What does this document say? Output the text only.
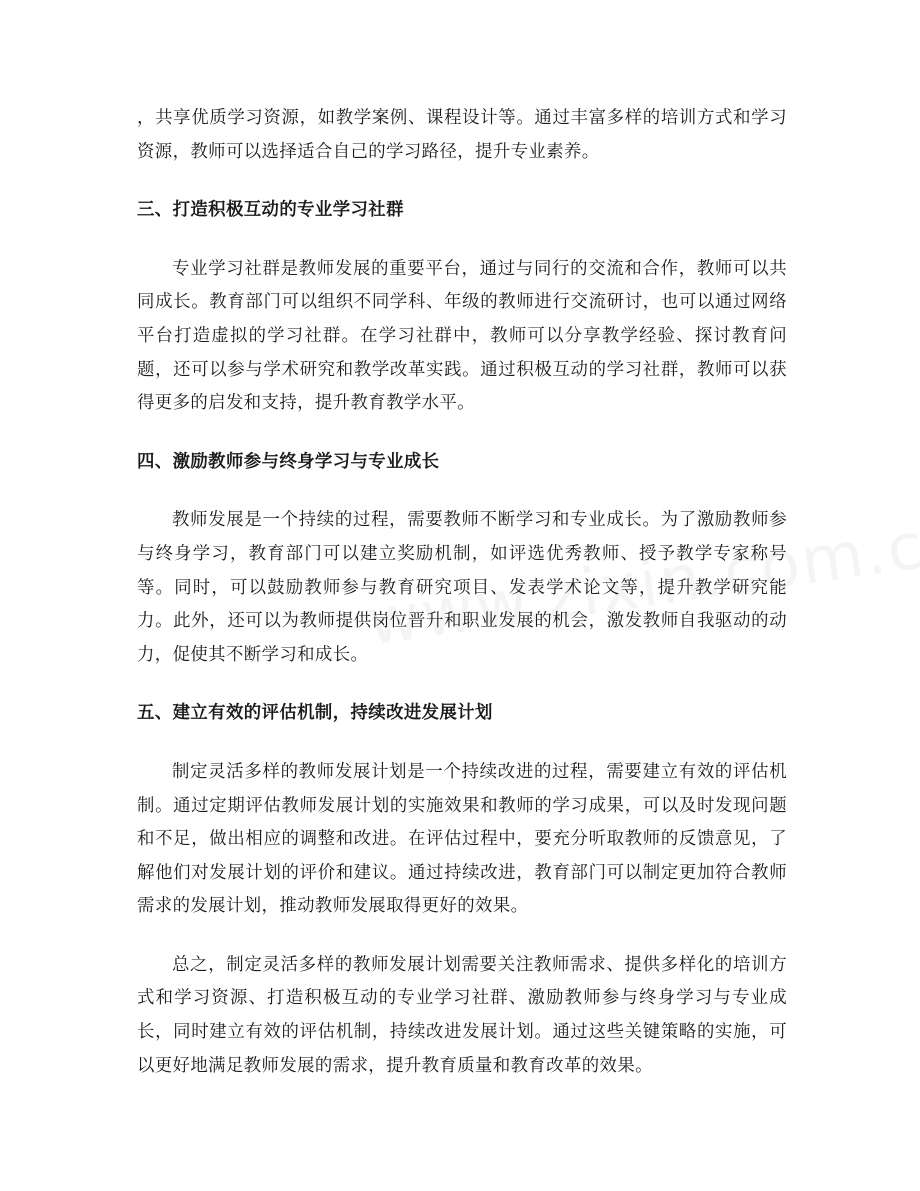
，共享优质学习资源，如教学案例、课程设计等。通过丰富多样的培训方式和学习资源，教师可以选择适合自己的学习路径，提升专业素养。

三、打造积极互动的专业学习社群

专业学习社群是教师发展的重要平台，通过与同行的交流和合作，教师可以共同成长。教育部门可以组织不同学科、年级的教师进行交流研讨，也可以通过网络平台打造虚拟的学习社群。在学习社群中，教师可以分享教学经验、探讨教育问题，还可以参与学术研究和教学改革实践。通过积极互动的学习社群，教师可以获得更多的启发和支持，提升教育教学水平。

四、激励教师参与终身学习与专业成长

教师发展是一个持续的过程，需要教师不断学习和专业成长。为了激励教师参与终身学习，教育部门可以建立奖励机制，如评选优秀教师、授予教学专家称号等。同时，可以鼓励教师参与教育研究项目、发表学术论文等，提升教学研究能力。此外，还可以为教师提供岗位晋升和职业发展的机会，激发教师自我驱动的动力，促使其不断学习和成长。

五、建立有效的评估机制，持续改进发展计划

制定灵活多样的教师发展计划是一个持续改进的过程，需要建立有效的评估机制。通过定期评估教师发展计划的实施效果和教师的学习成果，可以及时发现问题和不足，做出相应的调整和改进。在评估过程中，要充分听取教师的反馈意见，了解他们对发展计划的评价和建议。通过持续改进，教育部门可以制定更加符合教师需求的发展计划，推动教师发展取得更好的效果。

总之，制定灵活多样的教师发展计划需要关注教师需求、提供多样化的培训方式和学习资源、打造积极互动的专业学习社群、激励教师参与终身学习与专业成长，同时建立有效的评估机制，持续改进发展计划。通过这些关键策略的实施，可以更好地满足教师发展的需求，提升教育质量和教育改革的效果。
